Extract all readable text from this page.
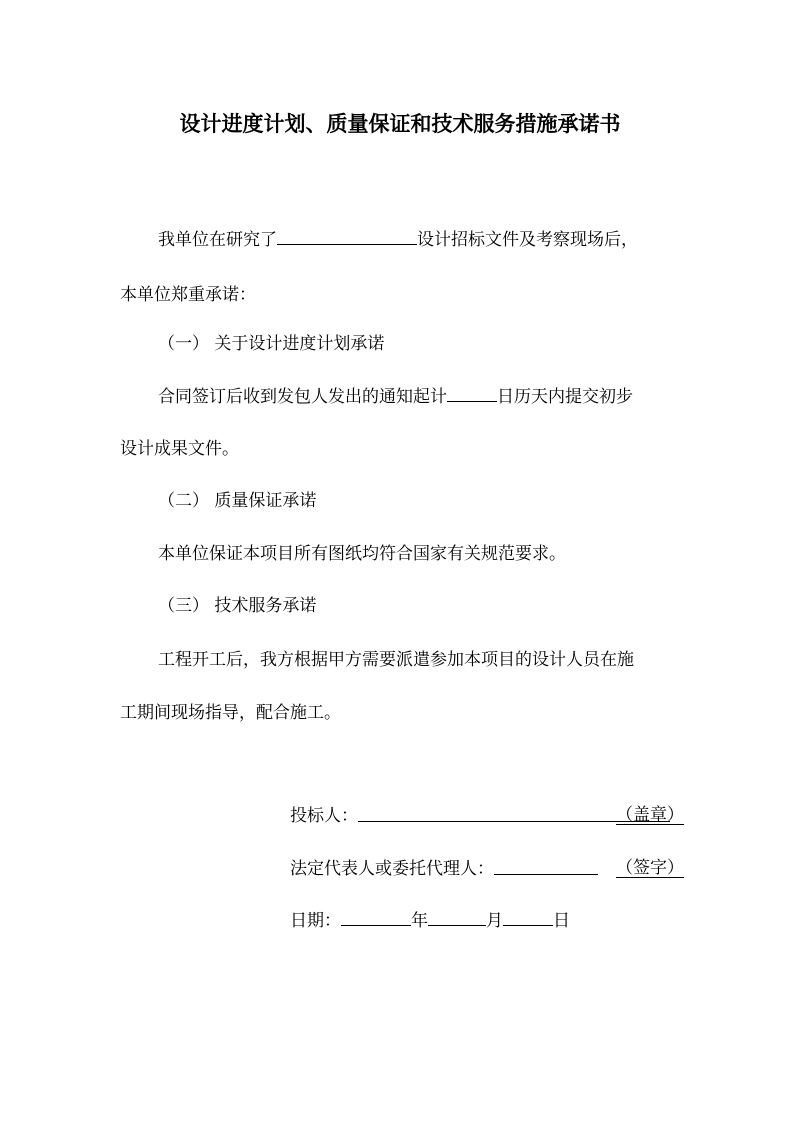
设计进度计划、质量保证和技术服务措施承诺书
我单位在研究了	设计招标文件及考察现场后，
本单位郑重承诺：
（一） 关于设计进度计划承诺
合同签订后收到发包人发出的通知起计	日历天内提交初步
设计成果文件。
（二） 质量保证承诺
本单位保证本项目所有图纸均符合国家有关规范要求。
（三） 技术服务承诺
工程开工后，我方根据甲方需要派遣参加本项目的设计人员在施
工期间现场指导，配合施工。
投标人：	（盖章）
法定代表人或委托代理人：	（签字）
日期：	年	月	日
